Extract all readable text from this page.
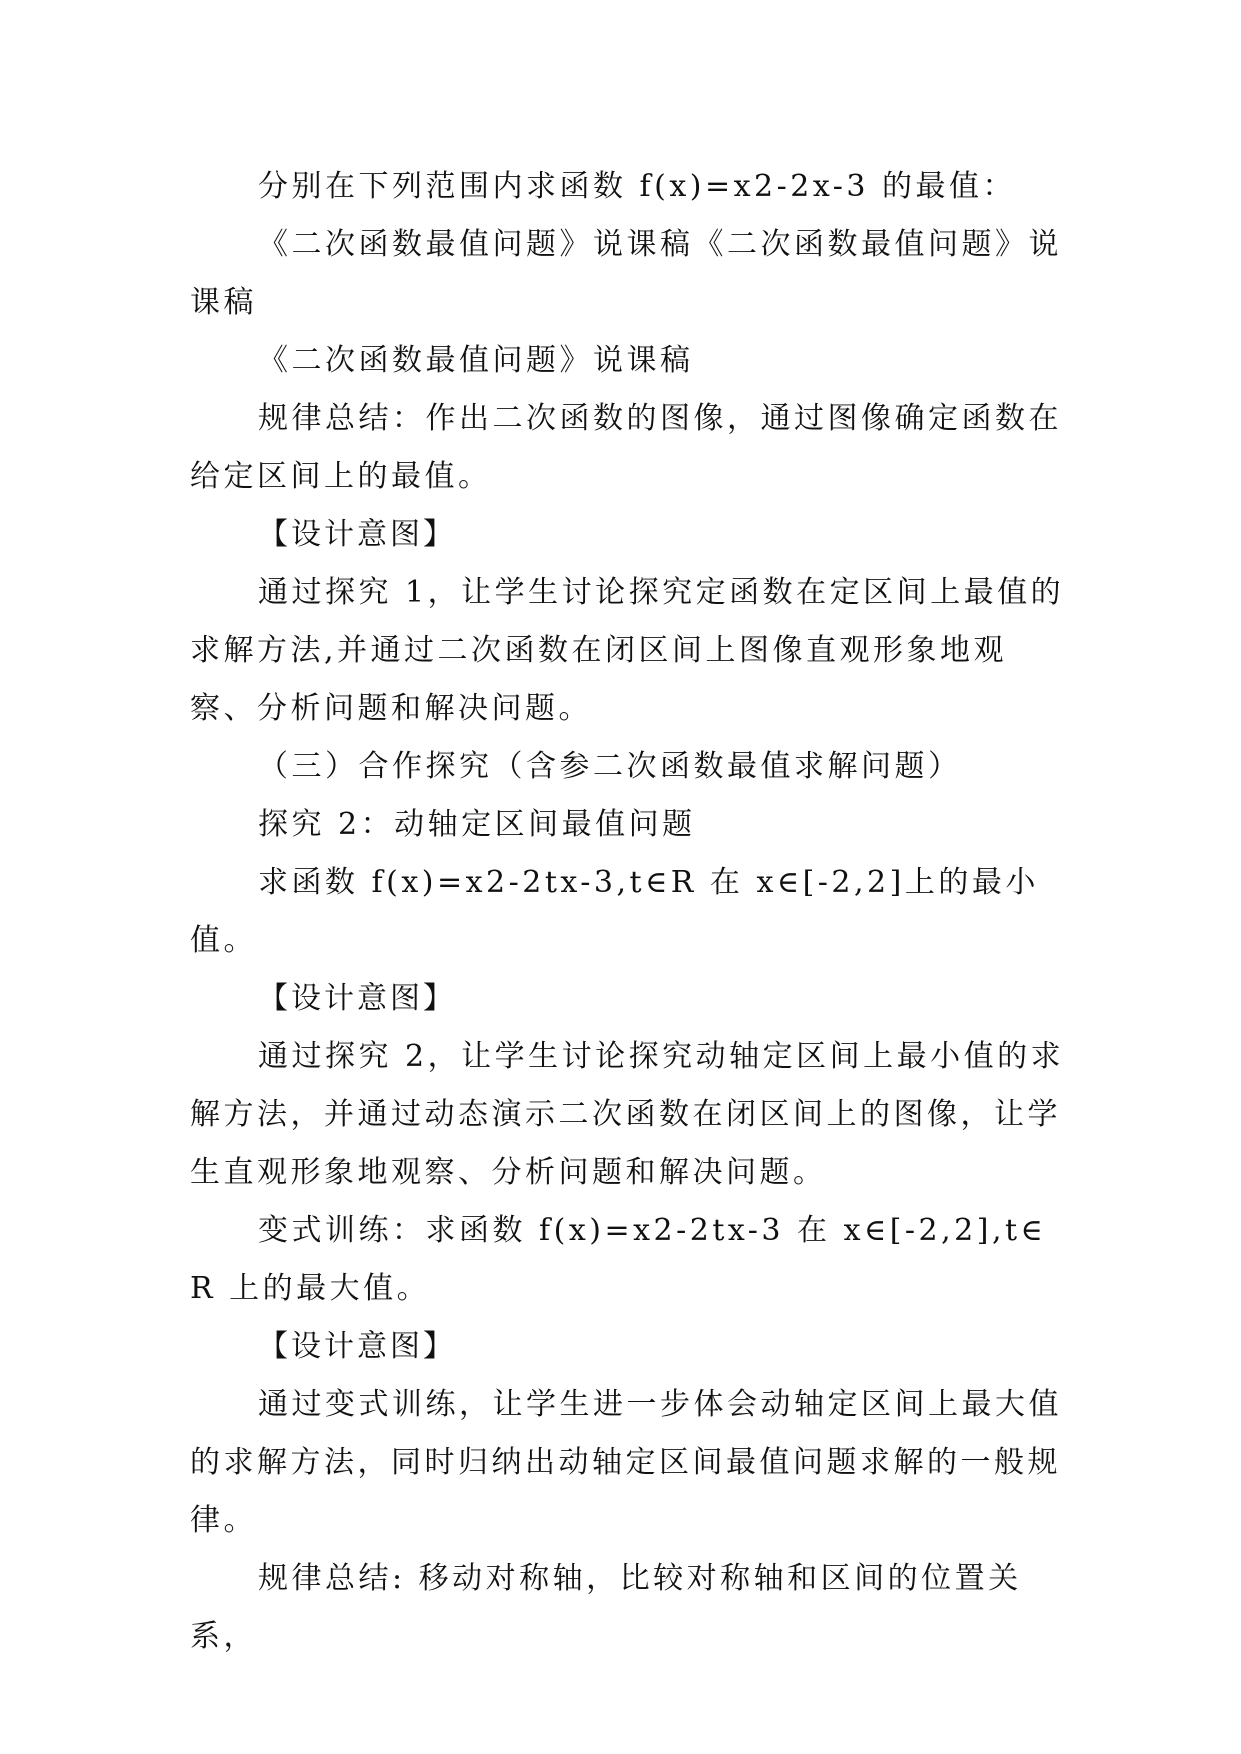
分别在下列范围内求函数 f(x)=x2-2x-3 的最值：

《二次函数最值问题》说课稿《二次函数最值问题》说课稿

《二次函数最值问题》说课稿

规律总结：作出二次函数的图像，通过图像确定函数在给定区间上的最值。

【设计意图】

通过探究 1，让学生讨论探究定函数在定区间上最值的求解方法,并通过二次函数在闭区间上图像直观形象地观察、分析问题和解决问题。

（三）合作探究（含参二次函数最值求解问题）

探究 2：动轴定区间最值问题

求函数 f(x)=x2-2tx-3,t∈R 在 x∈[-2,2]上的最小值。

【设计意图】

通过探究 2，让学生讨论探究动轴定区间上最小值的求解方法，并通过动态演示二次函数在闭区间上的图像，让学生直观形象地观察、分析问题和解决问题。

变式训练：求函数 f(x)=x2-2tx-3 在 x∈[-2,2],t∈R 上的最大值。

【设计意图】

通过变式训练，让学生进一步体会动轴定区间上最大值的求解方法，同时归纳出动轴定区间最值问题求解的一般规律。

规律总结: 移动对称轴，比较对称轴和区间的位置关系，
